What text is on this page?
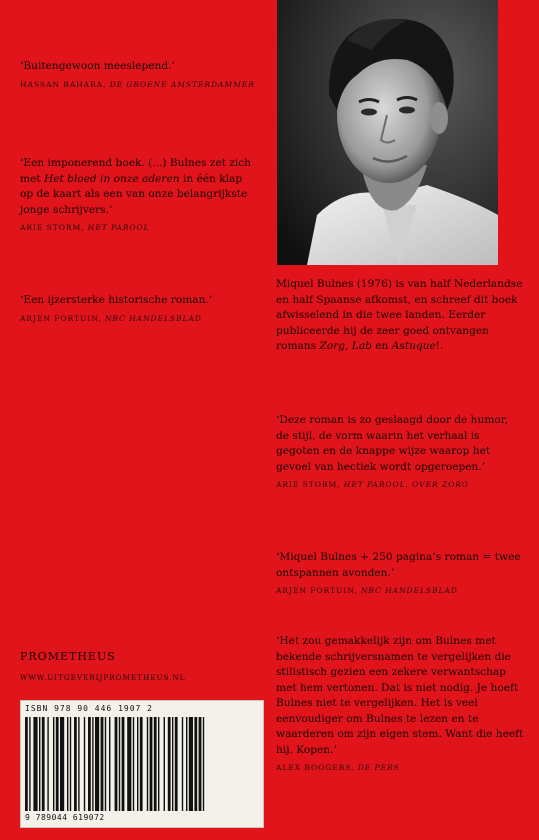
‘Buitengewoon meeslepend.’

HASSAN BAHARA, DE GROENE AMSTERDAMMER

‘Een imponerend boek. (...) Bulnes zet zich met Het bloed in onze aderen in één klap op de kaart als een van onze belangrijkste jonge schrijvers.’

ARIE STORM, HET PAROOL

‘Een ijzersterke historische roman.’

ARJEN FORTUIN, NRC HANDELSBLAD

Miquel Bulnes (1976) is van half Nederlandse en half Spaanse afkomst, en schreef dit boek afwisselend in die twee landen. Eerder publiceerde hij de zeer goed ontvangen romans Zorg, Lab en Astuque!.

‘Deze roman is zo geslaagd door de humor, de stijl, de vorm waarin het verhaal is gegoten en de knappe wijze waarop het gevoel van hectiek wordt opgeroepen.’

ARIE STORM, HET PAROOL, OVER ZORG

‘Miquel Bulnes + 250 pagina’s roman = twee ontspannen avonden.’

ARJEN FORTUIN, NRC HANDELSBLAD

‘Het zou gemakkelijk zijn om Bulnes met bekende schrijversnamen te vergelijken die stilistisch gezien een zekere verwantschap met hem vertonen. Dat is niet nodig. Je hoeft Bulnes niet te vergelijken. Het is veel eenvoudiger om Bulnes te lezen en te waarderen om zijn eigen stem. Want die heeft hij. Kopen.’

ALEX BOOGERS, DE PERS

PROMETHEUS
WWW.UITGEVERIJPROMETHEUS.NL
ISBN 978 90 446 1907 2
9 789044 619072
